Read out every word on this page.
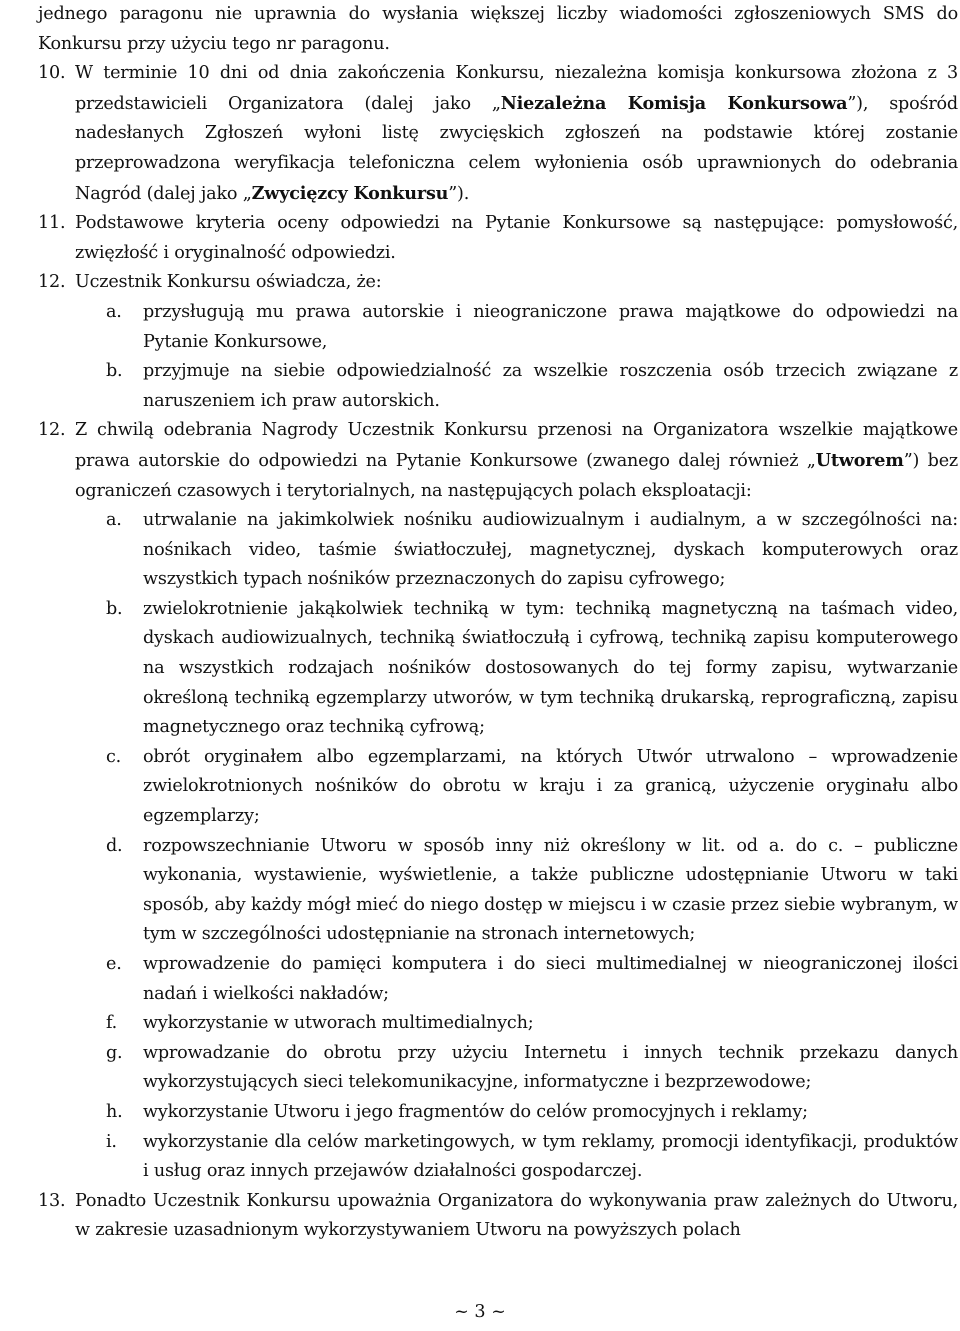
jednego paragonu nie uprawnia do wysłania większej liczby wiadomości zgłoszeniowych SMS do Konkursu przy użyciu tego nr paragonu.

10. W terminie 10 dni od dnia zakończenia Konkursu, niezależna komisja konkursowa złożona z 3 przedstawicieli Organizatora (dalej jako „Niezależna Komisja Konkursowa”), spośród nadesłanych Zgłoszeń wyłoni listę zwycięskich zgłoszeń na podstawie której zostanie przeprowadzona weryfikacja telefoniczna celem wyłonienia osób uprawnionych do odebrania Nagród (dalej jako „Zwycięzcy Konkursu”).

11. Podstawowe kryteria oceny odpowiedzi na Pytanie Konkursowe są następujące: pomysłowość, zwięzłość i oryginalność odpowiedzi.

12. Uczestnik Konkursu oświadcza, że:

a. przysługują mu prawa autorskie i nieograniczone prawa majątkowe do odpowiedzi na Pytanie Konkursowe,

b. przyjmuje na siebie odpowiedzialność za wszelkie roszczenia osób trzecich związane z naruszeniem ich praw autorskich.

12. Z chwilą odebrania Nagrody Uczestnik Konkursu przenosi na Organizatora wszelkie majątkowe prawa autorskie do odpowiedzi na Pytanie Konkursowe (zwanego dalej również „Utworem”) bez ograniczeń czasowych i terytorialnych, na następujących polach eksploatacji:

a. utrwalanie na jakimkolwiek nośniku audiowizualnym i audialnym, a w szczególności na: nośnikach video, taśmie światłoczułej, magnetycznej, dyskach komputerowych oraz wszystkich typach nośników przeznaczonych do zapisu cyfrowego;

b. zwielokrotnienie jakąkolwiek techniką w tym: techniką magnetyczną na taśmach video, dyskach audiowizualnych, techniką światłoczułą i cyfrową, techniką zapisu komputerowego na wszystkich rodzajach nośników dostosowanych do tej formy zapisu, wytwarzanie określoną techniką egzemplarzy utworów, w tym techniką drukarską, reprograficzną, zapisu magnetycznego oraz techniką cyfrową;

c. obrót oryginałem albo egzemplarzami, na których Utwór utrwalono – wprowadzenie zwielokrotnionych nośników do obrotu w kraju i za granicą, użyczenie oryginału albo egzemplarzy;

d. rozpowszechnianie Utworu w sposób inny niż określony w lit. od a. do c. – publiczne wykonania, wystawienie, wyświetlenie, a także publiczne udostępnianie Utworu w taki sposób, aby każdy mógł mieć do niego dostęp w miejscu i w czasie przez siebie wybranym, w tym w szczególności udostępnianie na stronach internetowych;

e. wprowadzenie do pamięci komputera i do sieci multimedialnej w nieograniczonej ilości nadań i wielkości nakładów;

f. wykorzystanie w utworach multimedialnych;

g. wprowadzanie do obrotu przy użyciu Internetu i innych technik przekazu danych wykorzystujących sieci telekomunikacyjne, informatyczne i bezprzewodowe;

h. wykorzystanie Utworu i jego fragmentów do celów promocyjnych i reklamy;

i. wykorzystanie dla celów marketingowych, w tym reklamy, promocji identyfikacji, produktów i usług oraz innych przejawów działalności gospodarczej.

13. Ponadto Uczestnik Konkursu upoważnia Organizatora do wykonywania praw zależnych do Utworu, w zakresie uzasadnionym wykorzystywaniem Utworu na powyższych polach

~ 3 ~
